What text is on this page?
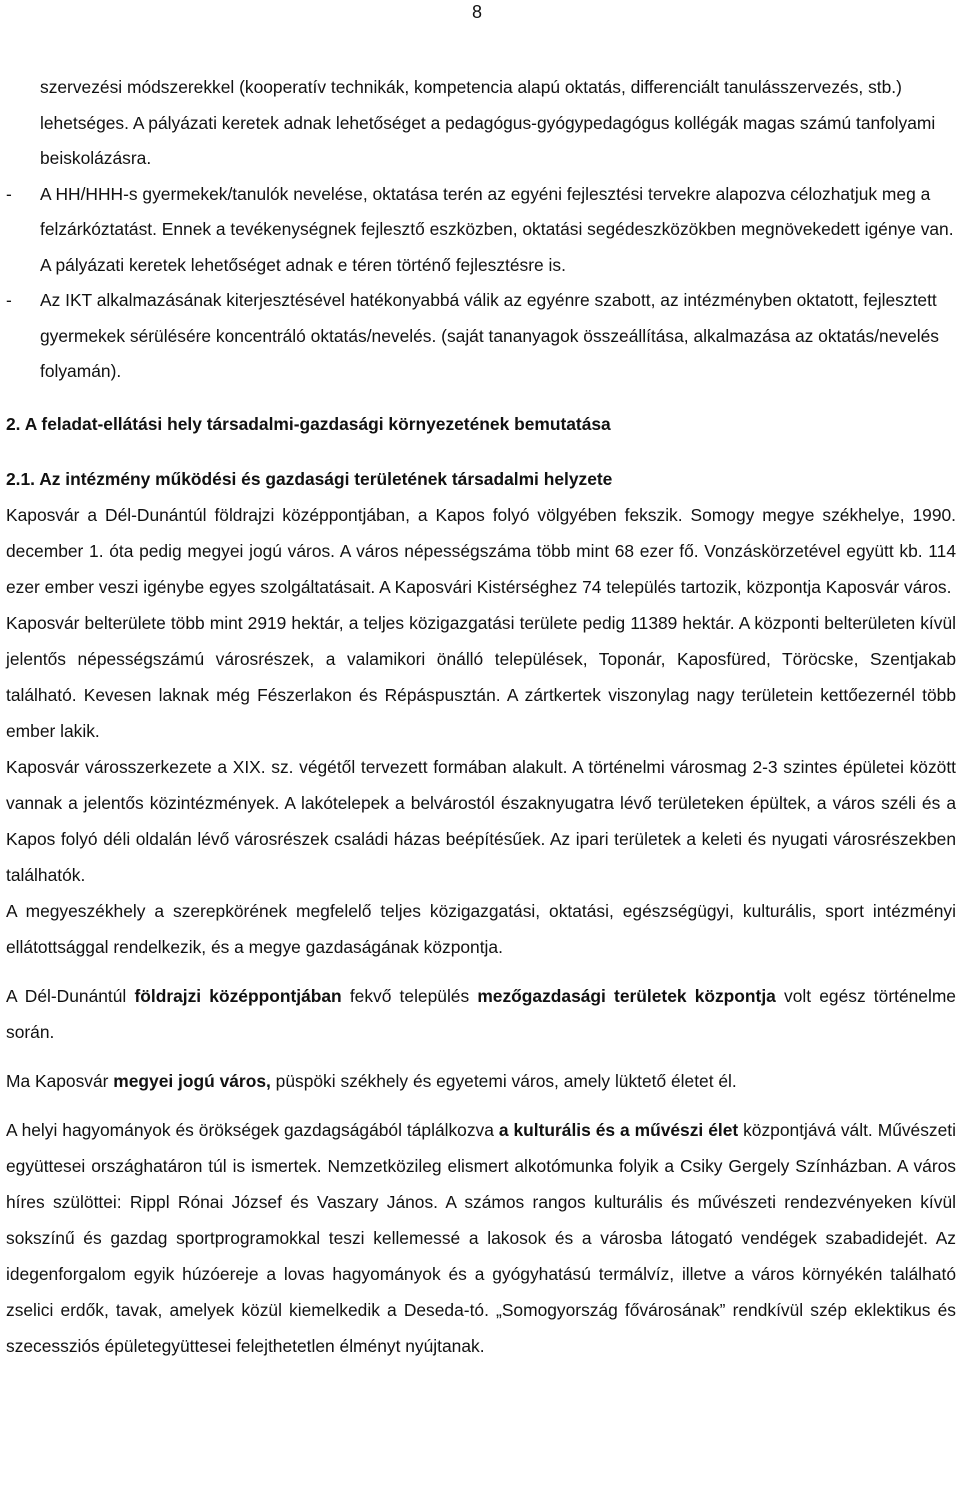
8
szervezési módszerekkel (kooperatív technikák, kompetencia alapú oktatás, differenciált tanulásszervezés, stb.) lehetséges. A pályázati keretek adnak lehetőséget a pedagógus-gyógypedagógus kollégák magas számú tanfolyami beiskolázásra.
- A HH/HHH-s gyermekek/tanulók nevelése, oktatása terén az egyéni fejlesztési tervekre alapozva célozhatjuk meg a felzárkóztatást. Ennek a tevékenységnek fejlesztő eszközben, oktatási segédeszközökben megnövekedett igénye van. A pályázati keretek lehetőséget adnak e téren történő fejlesztésre is.
- Az IKT alkalmazásának kiterjesztésével hatékonyabbá válik az egyénre szabott, az intézményben oktatott, fejlesztett gyermekek sérülésére koncentráló oktatás/nevelés. (saját tananyagok összeállítása, alkalmazása az oktatás/nevelés folyamán).
2. A feladat-ellátási hely társadalmi-gazdasági környezetének bemutatása
2.1. Az intézmény működési és gazdasági területének társadalmi helyzete

Kaposvár a Dél-Dunántúl földrajzi középpontjában, a Kapos folyó völgyében fekszik. Somogy megye székhelye, 1990. december 1. óta pedig megyei jogú város. A város népességszáma több mint 68 ezer fő. Vonzáskörzetével együtt kb. 114 ezer ember veszi igénybe egyes szolgáltatásait. A Kaposvári Kistérséghez 74 település tartozik, központja Kaposvár város.

Kaposvár belterülete több mint 2919 hektár, a teljes közigazgatási területe pedig 11389 hektár. A központi belterületen kívül jelentős népességszámú városrészek, a valamikori önálló települések, Toponár, Kaposfüred, Töröcske, Szentjakab található. Kevesen laknak még Fészerlakon és Répáspusztán. A zártkertek viszonylag nagy területein kettőezernél több ember lakik.

Kaposvár városszerkezete a XIX. sz. végétől tervezett formában alakult. A történelmi városmag 2-3 szintes épületei között vannak a jelentős közintézmények. A lakótelepek a belvárostól északnyugatra lévő területeken épültek, a város széli és a Kapos folyó déli oldalán lévő városrészek családi házas beépítésűek. Az ipari területek a keleti és nyugati városrészekben találhatók.

A megyeszékhely a szerepkörének megfelelő teljes közigazgatási, oktatási, egészségügyi, kulturális, sport intézményi ellátottsággal rendelkezik, és a megye gazdaságának központja.

A Dél-Dunántúl földrajzi középpontjában fekvő település mezőgazdasági területek központja volt egész történelme során.

Ma Kaposvár megyei jogú város, püspöki székhely és egyetemi város, amely lüktető életet él.

A helyi hagyományok és örökségek gazdagságából táplálkozva a kulturális és a művészi élet központjává vált. Művészeti együttesei országhatáron túl is ismertek. Nemzetközileg elismert alkotómunka folyik a Csiky Gergely Színházban. A város híres szülöttei: Rippl Rónai József és Vaszary János. A számos rangos kulturális és művészeti rendezvényeken kívül sokszínű és gazdag sportprogramokkal teszi kellemessé a lakosok és a városba látogató vendégek szabadidejét. Az idegenforgalom egyik húzóereje a lovas hagyományok és a gyógyhatású termálvíz, illetve a város környékén található zselici erdők, tavak, amelyek közül kiemelkedik a Deseda-tó. „Somogyország fővárosának” rendkívül szép eklektikus és szecessziós épületegyüttesei felejthetetlen élményt nyújtanak.
